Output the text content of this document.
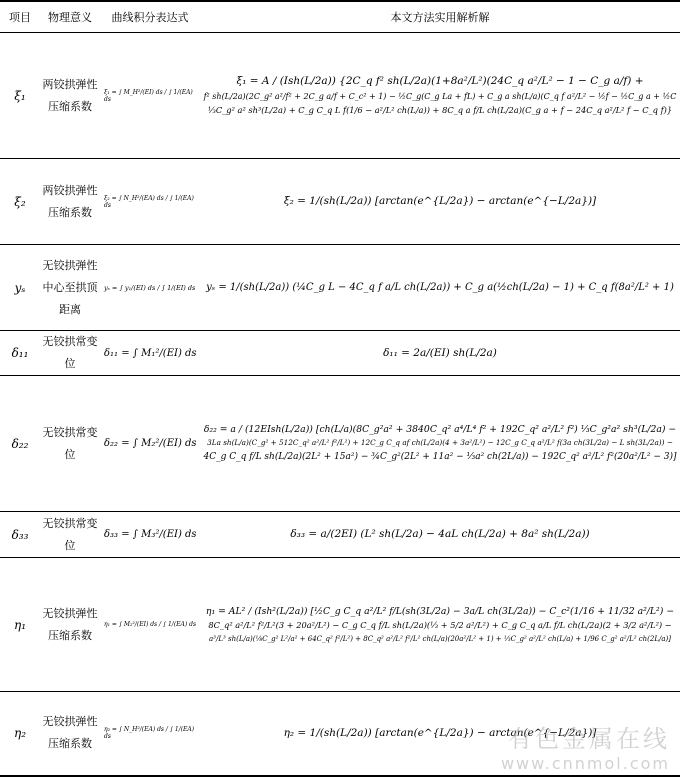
项目	物理意义	曲线积分表达式	本文方法实用解析解
ξ₁	两铰拱弹性压缩系数	ξ₁ = ∫ M_H²/(EI) ds / ∫ 1/(EA) ds	ξ₁ = A / (Ish(L/2a)) {2C_q f² sh(L/2a)(1+8a²/L²)(24C_q a²/L² − 1 − C_g a/f) +
f² sh(L/2a)(2C_g² a²/f² + 2C_g a/f + C_c² + 1) − ½C_g(C_g La + fL) + C_g a sh(L/a)(C_q f a²/L² − ½f − ½C_g a + ½C
⅓C_g² a² sh³(L/2a) + C_g C_q L f(1/6 − a²/L² ch(L/a)) + 8C_q a f/L ch(L/2a)(C_g a + f − 24C_q a²/L² f − C_q f)}

ξ₂	两铰拱弹性压缩系数	ξ₂ = ∫ N_H²/(EA) ds / ∫ 1/(EA) ds	ξ₂ = 1/(sh(L/2a)) [arctan(e^{L/2a}) − arctan(e^{−L/2a})]

yₛ	无铰拱弹性中心至拱顶距离	yₛ = ∫ y₁/(EI) ds / ∫ 1/(EI) ds	yₛ = 1/(sh(L/2a)) (¼C_g L − 4C_q f a/L ch(L/2a)) + C_g a(½ch(L/2a) − 1) + C_q f(8a²/L² + 1)

δ₁₁	无铰拱常变位	δ₁₁ = ∫ M₁²/(EI) ds	δ₁₁ = 2a/(EI) sh(L/2a)

δ₂₂	无铰拱常变位	δ₂₂ = ∫ M₂²/(EI) ds	δ₂₂ = a / (12EIsh(L/2a)) [ch(L/a)(8C_g²a² + 3840C_q² a⁴/L⁴ f² + 192C_q² a²/L² f²) ⅓C_g²a² sh³(L/2a) −
3La sh(L/a)(C_g² + 512C_q² a²/L² f²/L²) + 12C_g C_q af ch(L/2a)(4 + 3a²/L²) − 12C_g C_q a²/L² f(3a ch(3L/2a) − L sh(3L/2a)) −
4C_g C_q f/L sh(L/2a)(2L² + 15a²) − ¾C_g²(2L² + 11a² − ⅓a² ch(2L/a)) − 192C_q² a²/L² f²(20a²/L² − 3)]

δ₃₃	无铰拱常变位	δ₃₃ = ∫ M₃²/(EI) ds	δ₃₃ = a/(2EI) (L² sh(L/2a) − 4aL ch(L/2a) + 8a² sh(L/2a))

η₁	无铰拱弹性压缩系数	η₁ = ∫ M₂²/(EI) ds / ∫ 1/(EA) ds	η₁ = AL² / (Ish²(L/2a)) [½C_g C_q a²/L² f/L(sh(3L/2a) − 3a/L ch(3L/2a)) − C_c²(1/16 + 11/32 a²/L²) −
8C_q² a²/L² f²/L²(3 + 20a²/L²) − C_g C_q f/L sh(L/2a)(⅓ + 5/2 a²/L²) + C_g C_q a/L f/L ch(L/2a)(2 + 3/2 a²/L²) −
a³/L³ sh(L/a)(⅛C_g² L²/a² + 64C_q² f²/L²) + 8C_q² a²/L² f²/L² ch(L/a)(20a²/L² + 1) + ⅓C_g² a²/L² ch(L/a) + 1/96 C_g² a²/L² ch(2L/a)]

η₂	无铰拱弹性压缩系数	η₂ = ∫ N_H²/(EA) ds / ∫ 1/(EA) ds	η₂ = 1/(sh(L/2a)) [arctan(e^{L/2a}) − arctan(e^{−L/2a})]
有色金属在线
www.cnnmol.com
